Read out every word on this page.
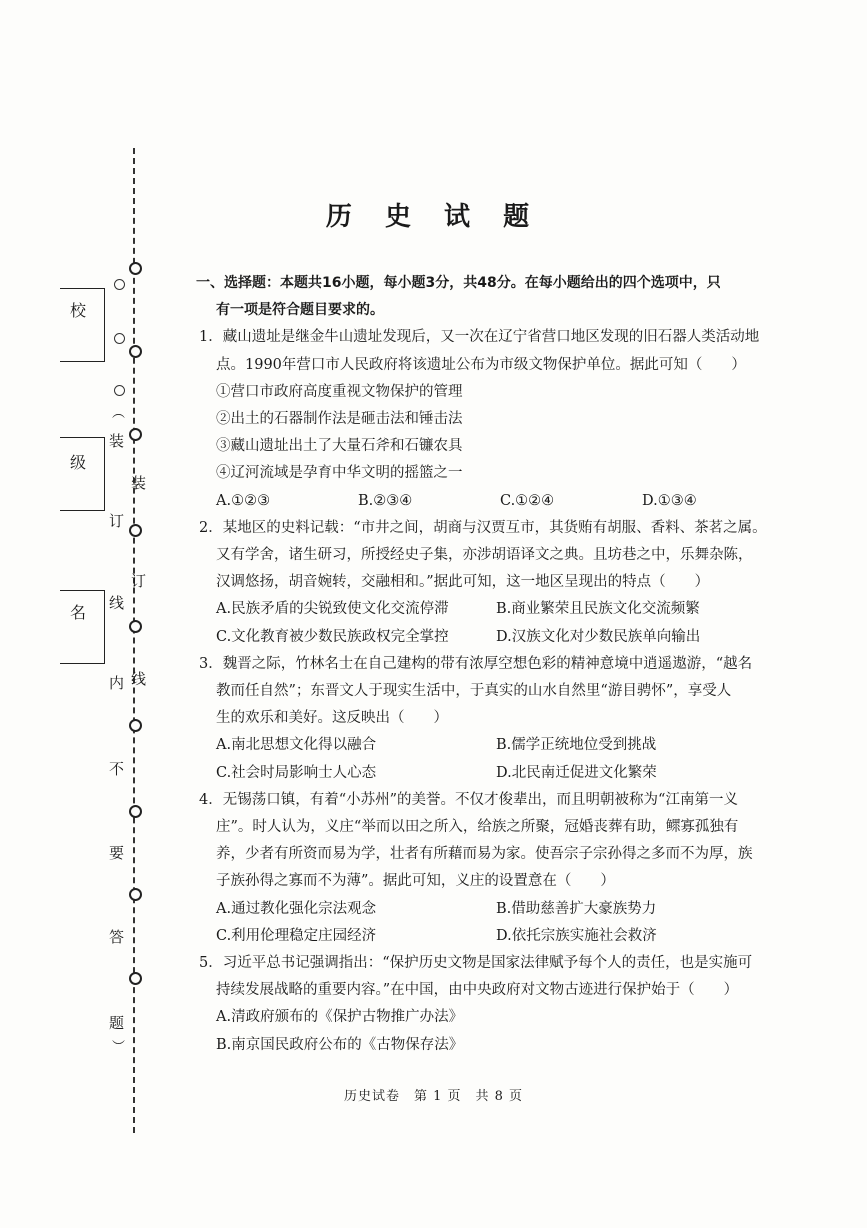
校
级
名
︵
装
订
线
内
不
要
答
题
︶
装
订
线
历 史 试 题
一、选择题：本题共16小题，每小题3分，共48分。在每小题给出的四个选项中，只
有一项是符合题目要求的。

1．藏山遗址是继金牛山遗址发现后，又一次在辽宁省营口地区发现的旧石器人类活动地

点。1990年营口市人民政府将该遗址公布为市级文物保护单位。据此可知（　　）

①营口市政府高度重视文物保护的管理

②出土的石器制作法是砸击法和锤击法

③藏山遗址出土了大量石斧和石镰农具

④辽河流域是孕育中华文明的摇篮之一

A.①②③	B.②③④	C.①②④	D.①③④

2．某地区的史料记载：“市井之间，胡商与汉贾互市，其货贿有胡服、香料、茶茗之属。

又有学舍，诸生研习，所授经史子集，亦涉胡语译文之典。且坊巷之中，乐舞杂陈，

汉调悠扬，胡音婉转，交融相和。”据此可知，这一地区呈现出的特点（　　）

A.民族矛盾的尖锐致使文化交流停滞	B.商业繁荣且民族文化交流频繁
C.文化教育被少数民族政权完全掌控	D.汉族文化对少数民族单向输出

3．魏晋之际，竹林名士在自己建构的带有浓厚空想色彩的精神意境中逍遥遨游，“越名

教而任自然”；东晋文人于现实生活中，于真实的山水自然里“游目骋怀”，享受人

生的欢乐和美好。这反映出（　　）

A.南北思想文化得以融合	B.儒学正统地位受到挑战
C.社会时局影响士人心态	D.北民南迁促进文化繁荣

4．无锡荡口镇，有着“小苏州”的美誉。不仅才俊辈出，而且明朝被称为“江南第一义

庄”。时人认为，义庄“举而以田之所入，给族之所聚，冠婚丧葬有助，鳏寡孤独有

养，少者有所资而易为学，壮者有所藉而易为家。使吾宗子宗孙得之多而不为厚，族

子族孙得之寡而不为薄”。据此可知，义庄的设置意在（　　）

A.通过教化强化宗法观念	B.借助慈善扩大豪族势力
C.利用伦理稳定庄园经济	D.依托宗族实施社会救济

5．习近平总书记强调指出：“保护历史文物是国家法律赋予每个人的责任，也是实施可

持续发展战略的重要内容。”在中国，由中央政府对文物古迹进行保护始于（　　）

A.清政府颁布的《保护古物推广办法》

B.南京国民政府公布的《古物保存法》

历史试卷　第 1 页　共 8 页
